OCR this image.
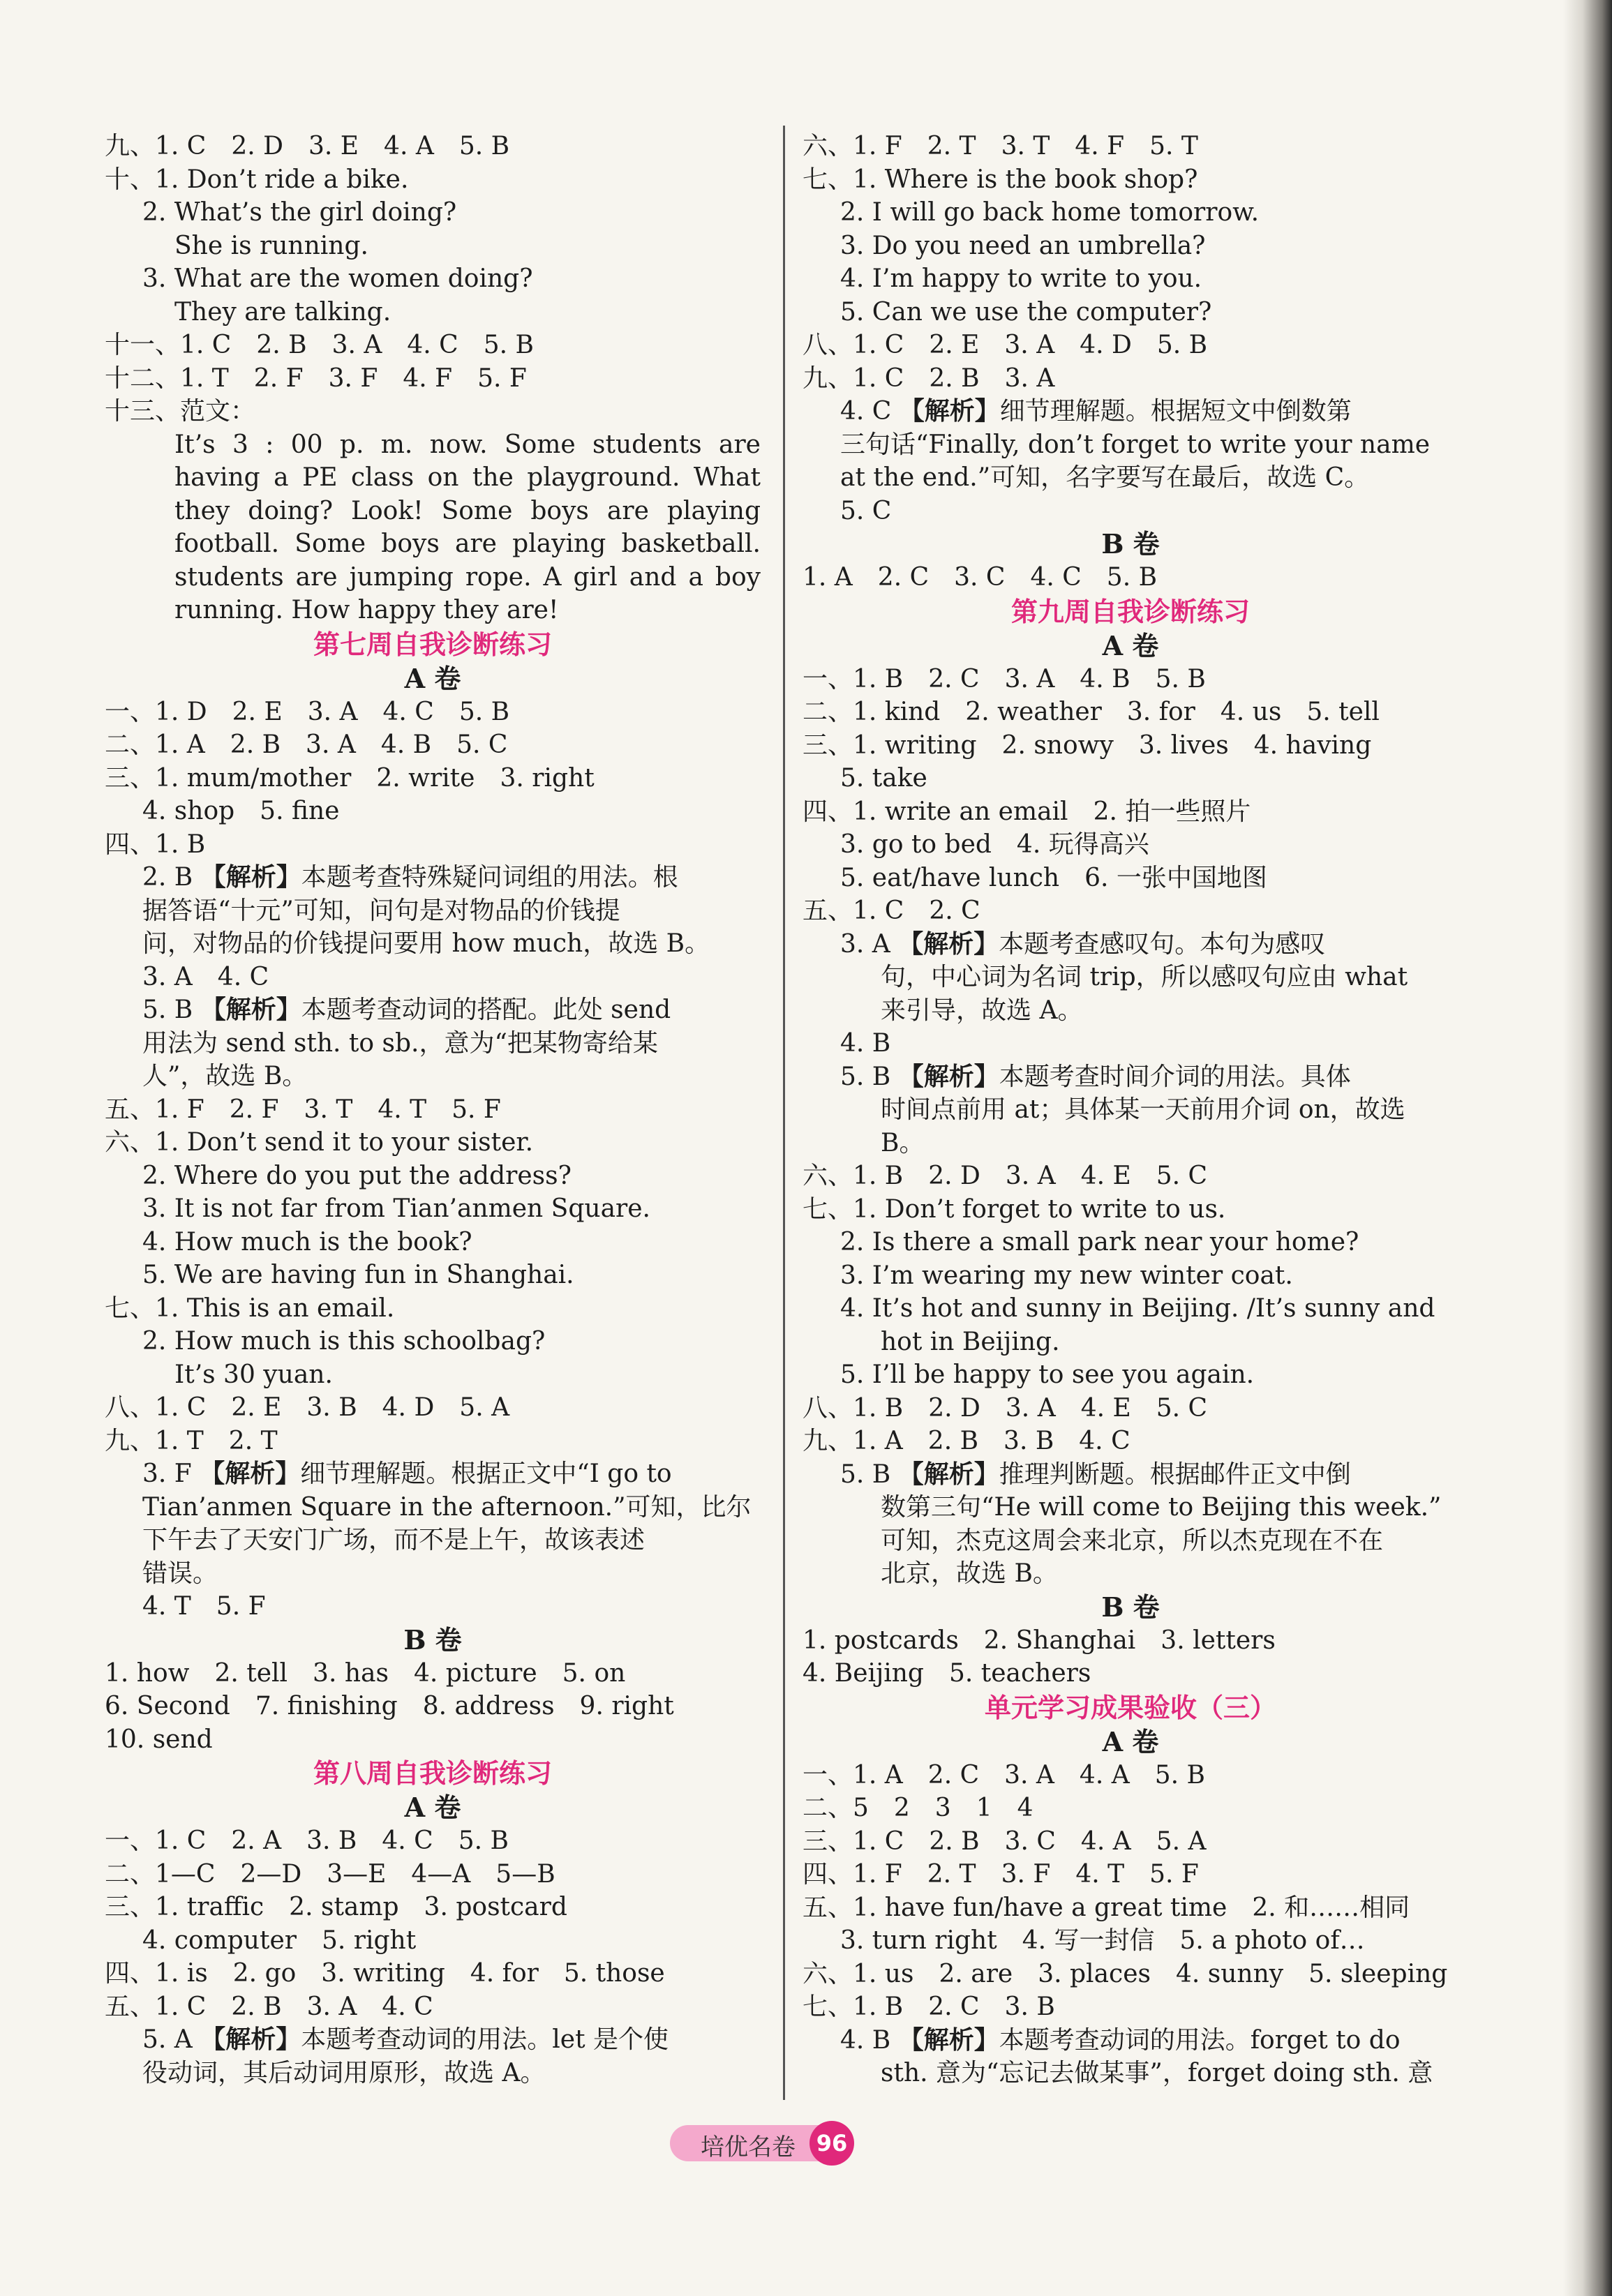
九、1. C　2. D　3. E　4. A　5. B
十、1. Don’t ride a bike.
2. What’s the girl doing?
She is running.
3. What are the women doing?
They are talking.
十一、1. C　2. B　3. A　4. C　5. B
十二、1. T　2. F　3. F　4. F　5. F
十三、范文：
It’s 3 : 00 p. m. now. Some students are
having a PE class on the playground. What
they doing? Look! Some boys are playing
football. Some boys are playing basketball.
students are jumping rope. A girl and a boy
running. How happy they are!
第七周自我诊断练习
A 卷
一、1. D　2. E　3. A　4. C　5. B
二、1. A　2. B　3. A　4. B　5. C
三、1. mum/mother　2. write　3. right
4. shop　5. fine
四、1. B
2. B 【解析】本题考查特殊疑问词组的用法。根
据答语“十元”可知，问句是对物品的价钱提
问，对物品的价钱提问要用 how much，故选 B。
3. A　4. C
5. B 【解析】本题考查动词的搭配。此处 send
用法为 send sth. to sb.，意为“把某物寄给某
人”，故选 B。
五、1. F　2. F　3. T　4. T　5. F
六、1. Don’t send it to your sister.
2. Where do you put the address?
3. It is not far from Tian’anmen Square.
4. How much is the book?
5. We are having fun in Shanghai.
七、1. This is an email.
2. How much is this schoolbag?
It’s 30 yuan.
八、1. C　2. E　3. B　4. D　5. A
九、1. T　2. T
3. F 【解析】细节理解题。根据正文中“I go to
Tian’anmen Square in the afternoon.”可知，比尔
下午去了天安门广场，而不是上午，故该表述
错误。
4. T　5. F
B 卷
1. how　2. tell　3. has　4. picture　5. on
6. Second　7. finishing　8. address　9. right
10. send
第八周自我诊断练习
A 卷
一、1. C　2. A　3. B　4. C　5. B
二、1—C　2—D　3—E　4—A　5—B
三、1. traffic　2. stamp　3. postcard
4. computer　5. right
四、1. is　2. go　3. writing　4. for　5. those
五、1. C　2. B　3. A　4. C
5. A 【解析】本题考查动词的用法。let 是个使
役动词，其后动词用原形，故选 A。
六、1. F　2. T　3. T　4. F　5. T
七、1. Where is the book shop?
2. I will go back home tomorrow.
3. Do you need an umbrella?
4. I’m happy to write to you.
5. Can we use the computer?
八、1. C　2. E　3. A　4. D　5. B
九、1. C　2. B　3. A
4. C 【解析】细节理解题。根据短文中倒数第
三句话“Finally, don’t forget to write your name
at the end.”可知，名字要写在最后，故选 C。
5. C
B 卷
1. A　2. C　3. C　4. C　5. B
第九周自我诊断练习
A 卷
一、1. B　2. C　3. A　4. B　5. B
二、1. kind　2. weather　3. for　4. us　5. tell
三、1. writing　2. snowy　3. lives　4. having
5. take
四、1. write an email　2. 拍一些照片
3. go to bed　4. 玩得高兴
5. eat/have lunch　6. 一张中国地图
五、1. C　2. C
3. A 【解析】本题考查感叹句。本句为感叹
句，中心词为名词 trip，所以感叹句应由 what
来引导，故选 A。
4. B
5. B 【解析】本题考查时间介词的用法。具体
时间点前用 at；具体某一天前用介词 on，故选
B。
六、1. B　2. D　3. A　4. E　5. C
七、1. Don’t forget to write to us.
2. Is there a small park near your home?
3. I’m wearing my new winter coat.
4. It’s hot and sunny in Beijing. /It’s sunny and
hot in Beijing.
5. I’ll be happy to see you again.
八、1. B　2. D　3. A　4. E　5. C
九、1. A　2. B　3. B　4. C
5. B 【解析】推理判断题。根据邮件正文中倒
数第三句“He will come to Beijing this week.”
可知，杰克这周会来北京，所以杰克现在不在
北京，故选 B。
B 卷
1. postcards　2. Shanghai　3. letters
4. Beijing　5. teachers
单元学习成果验收（三）
A 卷
一、1. A　2. C　3. A　4. A　5. B
二、5　2　3　1　4
三、1. C　2. B　3. C　4. A　5. A
四、1. F　2. T　3. F　4. T　5. F
五、1. have fun/have a great time　2. 和……相同
3. turn right　4. 写一封信　5. a photo of…
六、1. us　2. are　3. places　4. sunny　5. sleeping
七、1. B　2. C　3. B
4. B 【解析】本题考查动词的用法。forget to do
sth. 意为“忘记去做某事”，forget doing sth. 意
培优名卷 96
